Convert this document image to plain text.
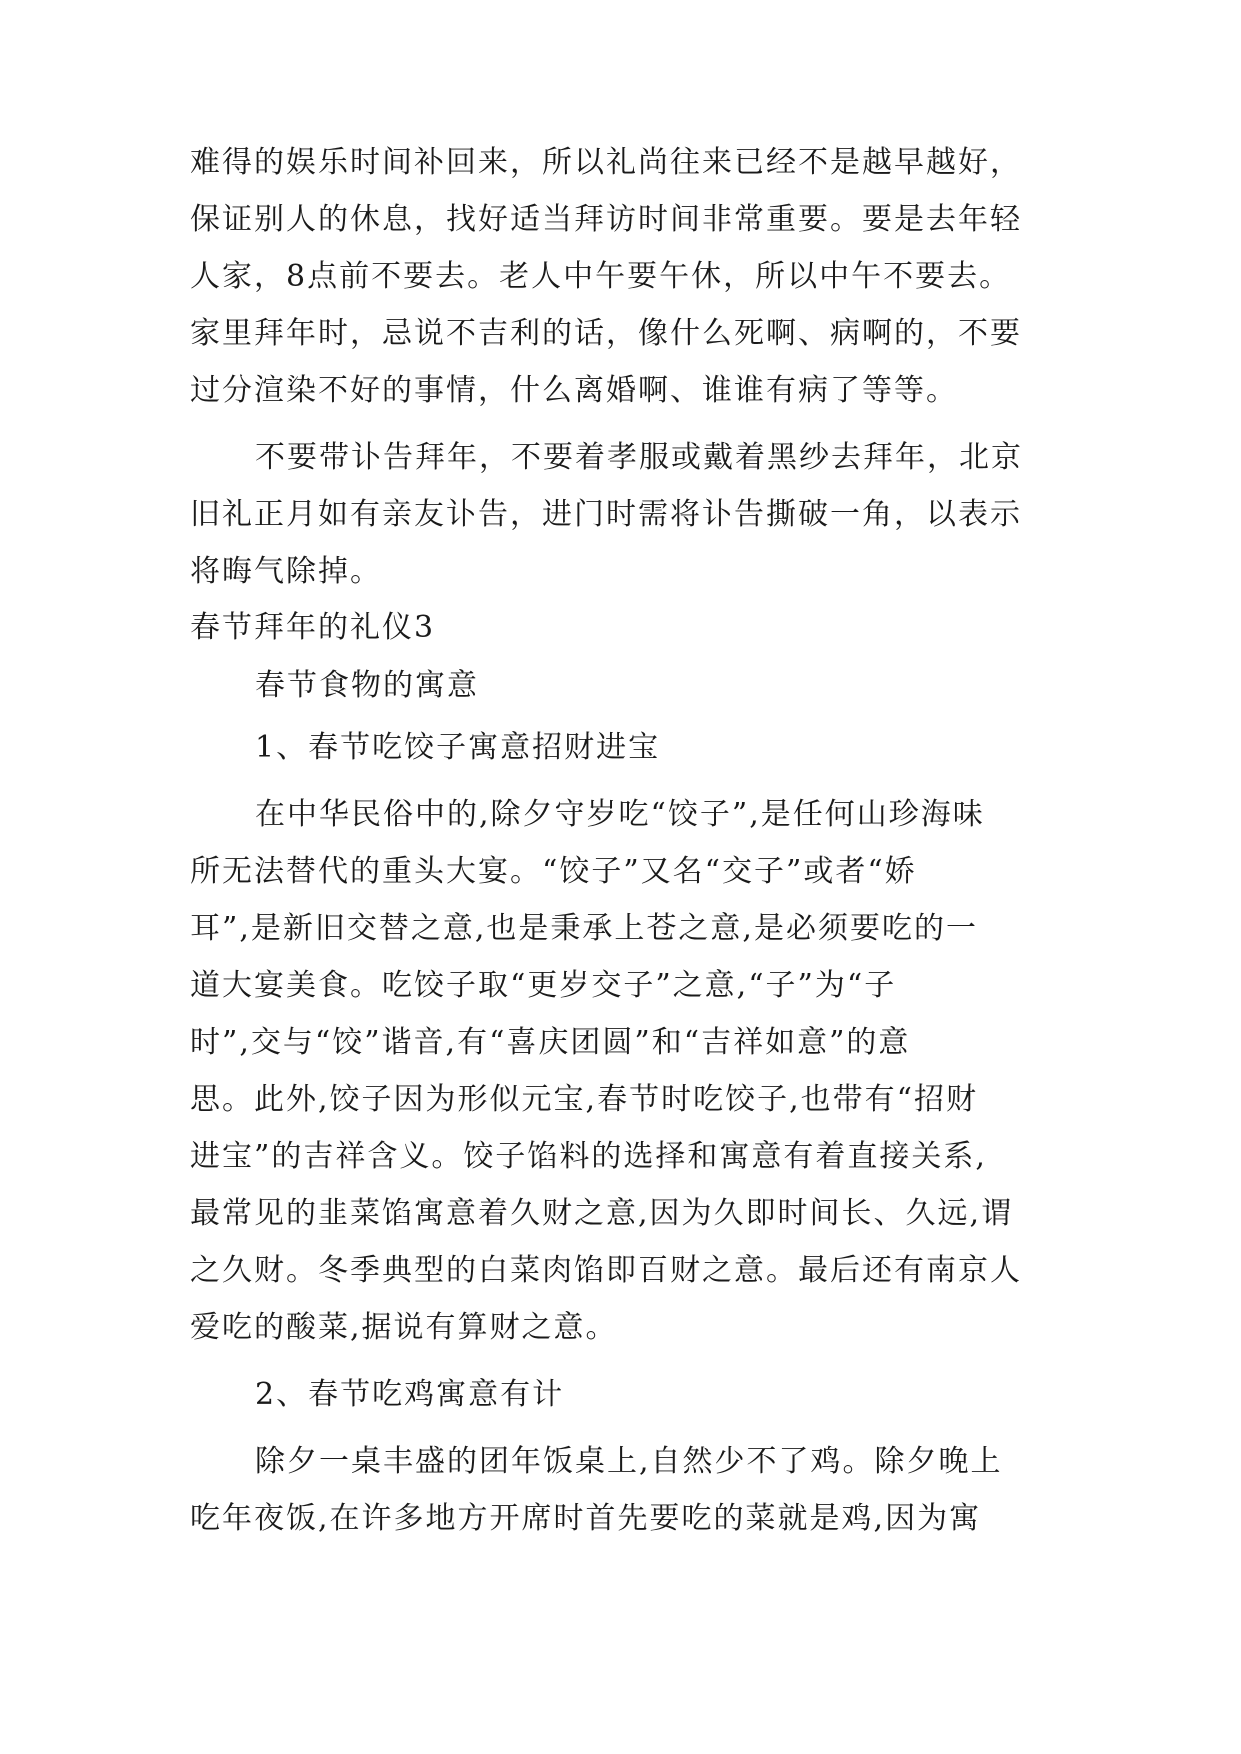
难得的娱乐时间补回来，所以礼尚往来已经不是越早越好，
保证别人的休息，找好适当拜访时间非常重要。要是去年轻
人家，8点前不要去。老人中午要午休，所以中午不要去。
家里拜年时，忌说不吉利的话，像什么死啊、病啊的，不要
过分渲染不好的事情，什么离婚啊、谁谁有病了等等。
不要带讣告拜年，不要着孝服或戴着黑纱去拜年，北京
旧礼正月如有亲友讣告，进门时需将讣告撕破一角，以表示
将晦气除掉。
春节拜年的礼仪3
春节食物的寓意
1、春节吃饺子寓意招财进宝
在中华民俗中的,除夕守岁吃“饺子”,是任何山珍海味
所无法替代的重头大宴。“饺子”又名“交子”或者“娇
耳”,是新旧交替之意,也是秉承上苍之意,是必须要吃的一
道大宴美食。吃饺子取“更岁交子”之意,“子”为“子
时”,交与“饺”谐音,有“喜庆团圆”和“吉祥如意”的意
思。此外,饺子因为形似元宝,春节时吃饺子,也带有“招财
进宝”的吉祥含义。饺子馅料的选择和寓意有着直接关系,
最常见的韭菜馅寓意着久财之意,因为久即时间长、久远,谓
之久财。冬季典型的白菜肉馅即百财之意。最后还有南京人
爱吃的酸菜,据说有算财之意。
2、春节吃鸡寓意有计
除夕一桌丰盛的团年饭桌上,自然少不了鸡。除夕晚上
吃年夜饭,在许多地方开席时首先要吃的菜就是鸡,因为寓
